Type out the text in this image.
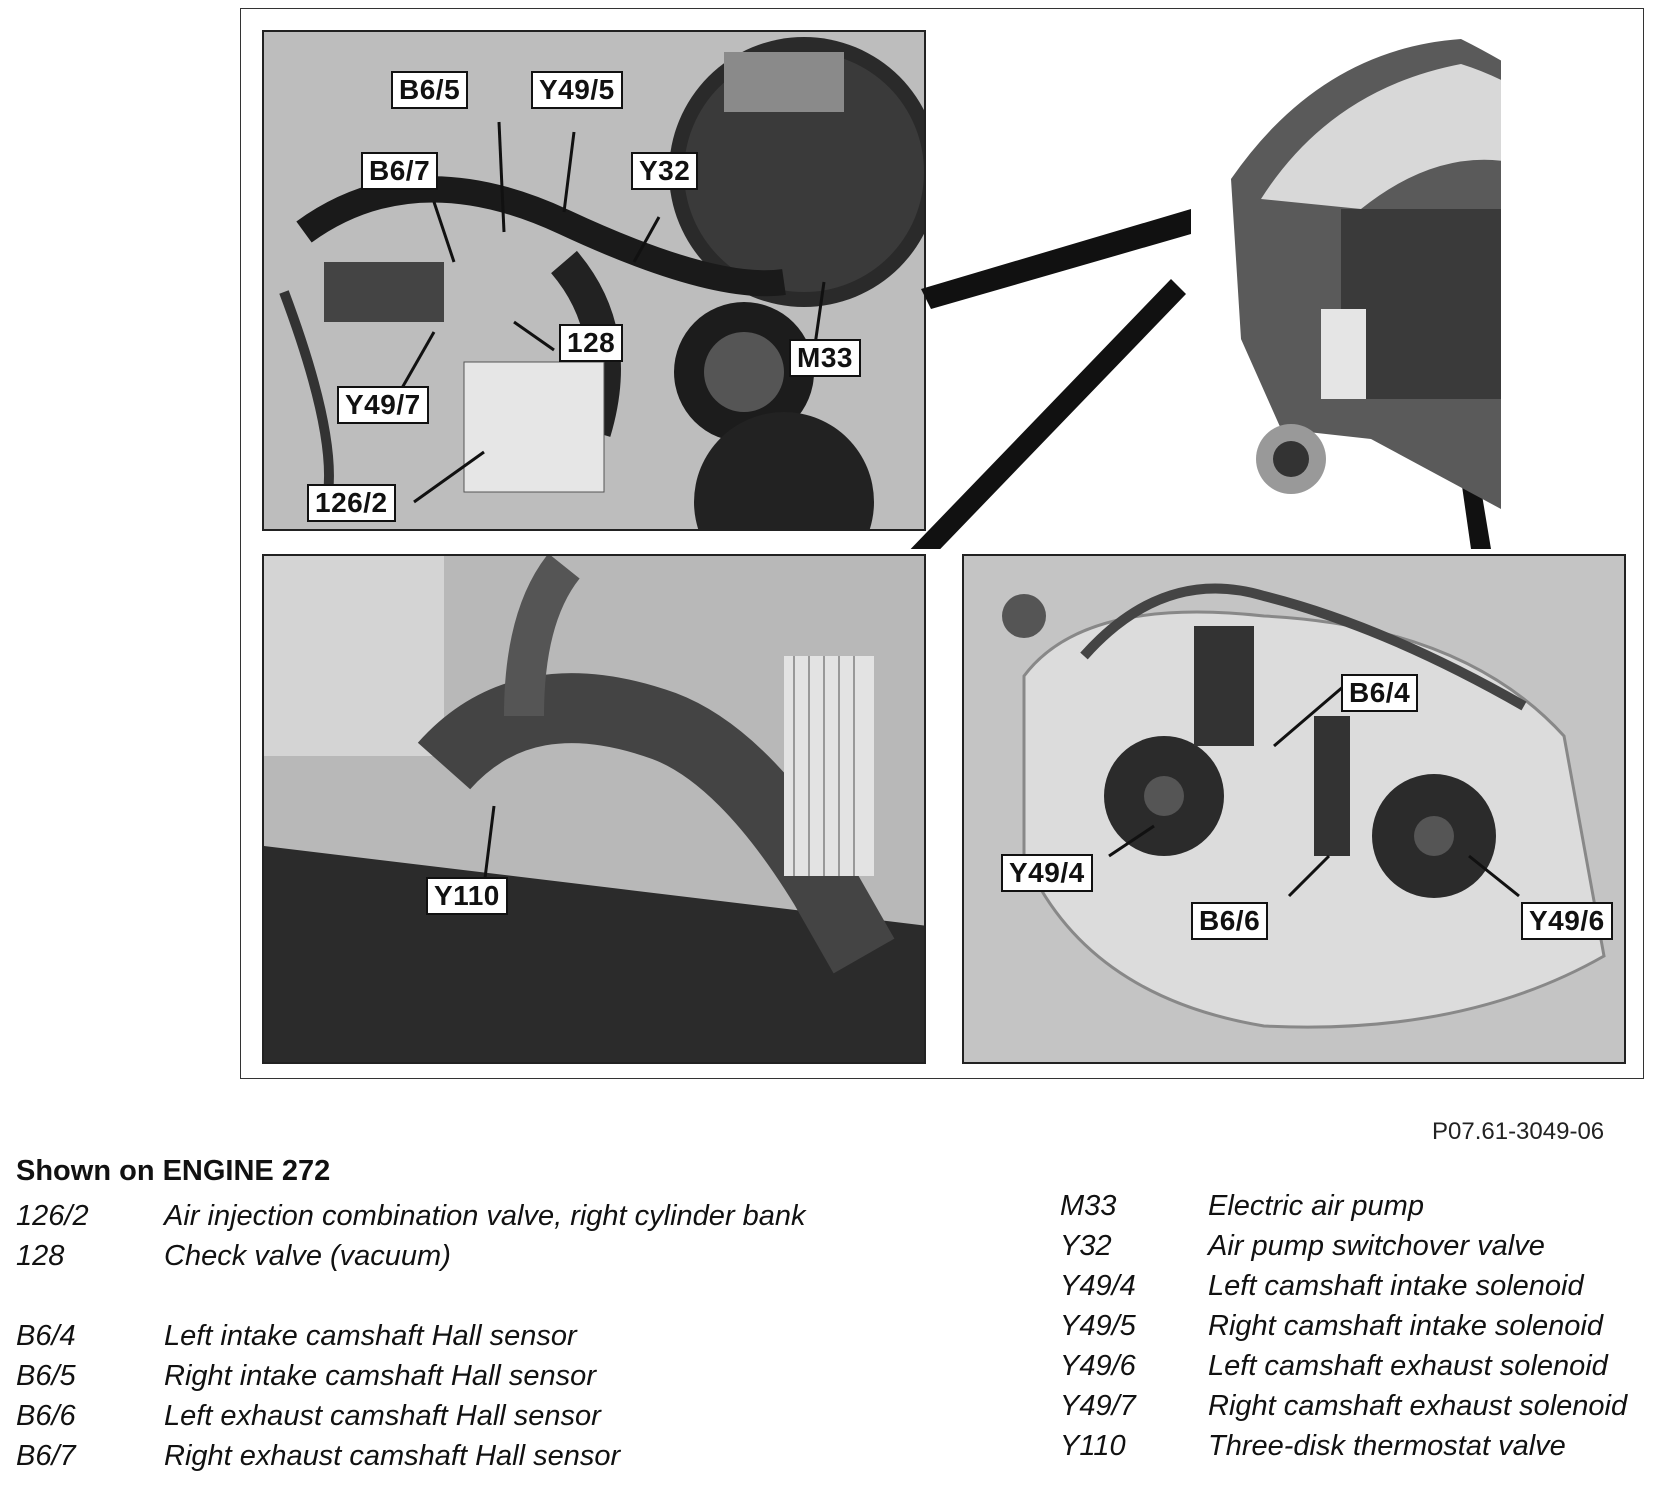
B6/5	Y49/5
B6/7	Y32
128	M33
Y49/7
126/2
Y110
B6/4
Y49/4
B6/6	Y49/6
P07.61-3049-06
Shown on ENGINE 272
126/2	Air injection combination valve, right cylinder bank
128	Check valve (vacuum)
B6/4	Left intake camshaft Hall sensor
B6/5	Right intake camshaft Hall sensor
B6/6	Left exhaust camshaft Hall sensor
B6/7	Right exhaust camshaft Hall sensor
M33	Electric air pump
Y32	Air pump switchover valve
Y49/4 Left camshaft intake solenoid
Y49/5 Right camshaft intake solenoid
Y49/6 Left camshaft exhaust solenoid
Y49/7 Right camshaft exhaust solenoid
Y110	Three-disk thermostat valve
